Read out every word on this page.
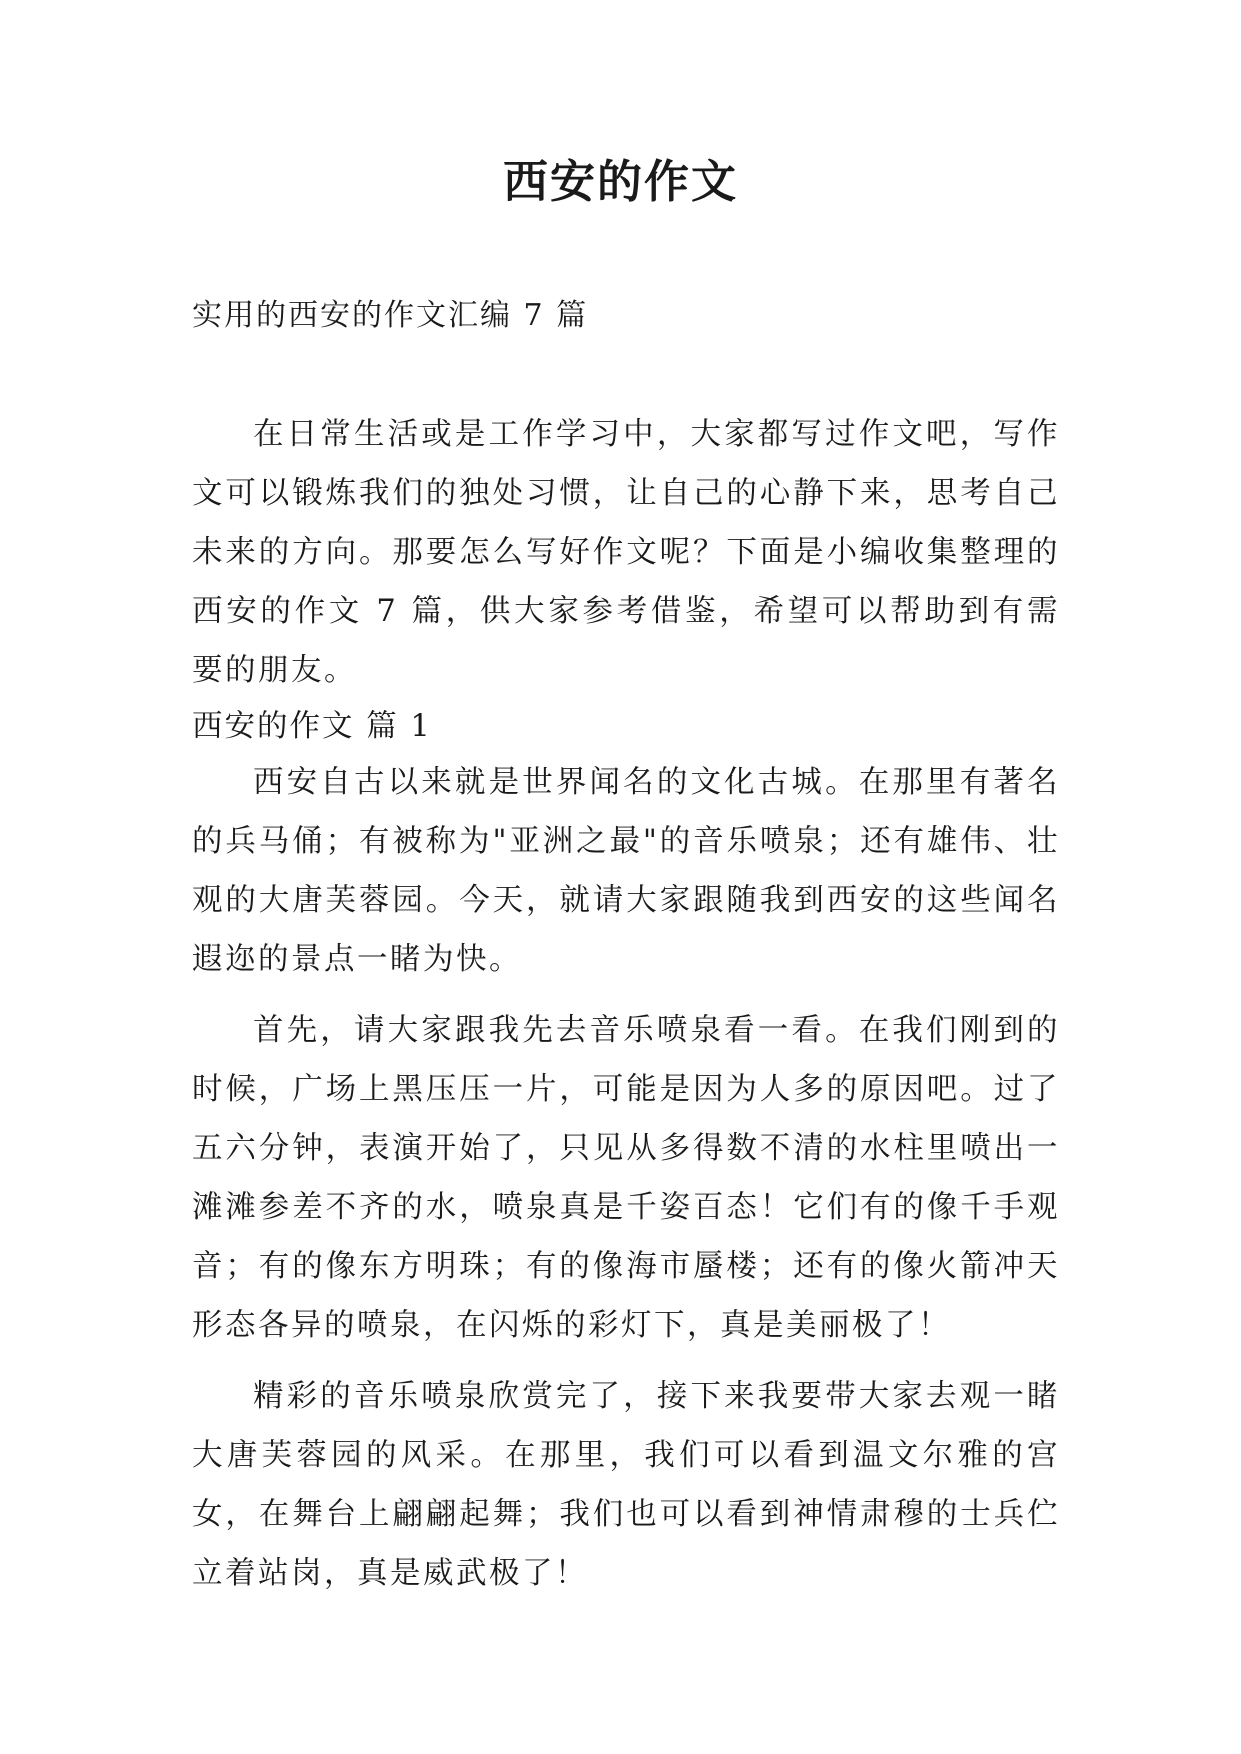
西安的作文
实用的西安的作文汇编 7 篇

在日常生活或是工作学习中，大家都写过作文吧，写作文可以锻炼我们的独处习惯，让自己的心静下来，思考自己未来的方向。那要怎么写好作文呢？下面是小编收集整理的西安的作文 7 篇，供大家参考借鉴，希望可以帮助到有需要的朋友。

西安的作文 篇 1

西安自古以来就是世界闻名的文化古城。在那里有著名的兵马俑；有被称为"亚洲之最"的音乐喷泉；还有雄伟、壮观的大唐芙蓉园。今天，就请大家跟随我到西安的这些闻名遐迩的景点一睹为快。

首先，请大家跟我先去音乐喷泉看一看。在我们刚到的时候，广场上黑压压一片，可能是因为人多的原因吧。过了五六分钟，表演开始了，只见从多得数不清的水柱里喷出一滩滩参差不齐的水，喷泉真是千姿百态！它们有的像千手观音；有的像东方明珠；有的像海市蜃楼；还有的像火箭冲天形态各异的喷泉，在闪烁的彩灯下，真是美丽极了！

精彩的音乐喷泉欣赏完了，接下来我要带大家去观一睹大唐芙蓉园的风采。在那里，我们可以看到温文尔雅的宫女，在舞台上翩翩起舞；我们也可以看到神情肃穆的士兵伫立着站岗，真是威武极了！
